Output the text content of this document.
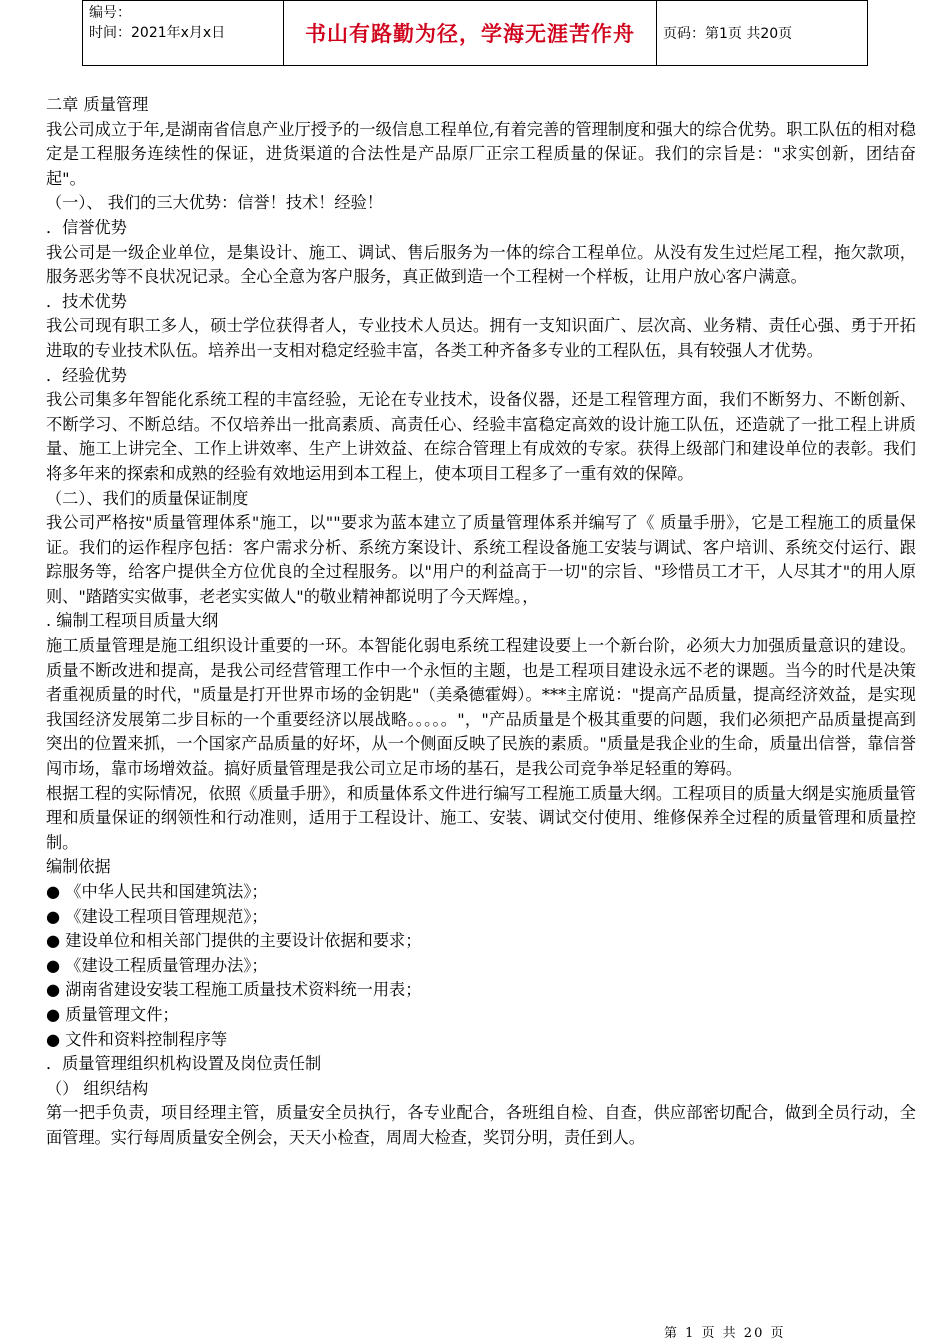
编号：
时间：2021年x月x日	书山有路勤为径，学海无涯苦作舟	页码：第1页 共20页

二章 质量管理

我公司成立于年,是湖南省信息产业厅授予的一级信息工程单位,有着完善的管理制度和强大的综合优势。职工队伍的相对稳定是工程服务连续性的保证，进货渠道的合法性是产品原厂正宗工程质量的保证。我们的宗旨是："求实创新，团结奋起"。

（一）、 我们的三大优势：信誉！技术！经验！

．信誉优势

我公司是一级企业单位，是集设计、施工、调试、售后服务为一体的综合工程单位。从没有发生过烂尾工程，拖欠款项，服务恶劣等不良状况记录。全心全意为客户服务，真正做到造一个工程树一个样板，让用户放心客户满意。

．技术优势

我公司现有职工多人，硕士学位获得者人，专业技术人员达。拥有一支知识面广、层次高、业务精、责任心强、勇于开拓进取的专业技术队伍。培养出一支相对稳定经验丰富，各类工种齐备多专业的工程队伍，具有较强人才优势。

．经验优势

我公司集多年智能化系统工程的丰富经验，无论在专业技术，设备仪器，还是工程管理方面，我们不断努力、不断创新、不断学习、不断总结。不仅培养出一批高素质、高责任心、经验丰富稳定高效的设计施工队伍，还造就了一批工程上讲质量、施工上讲完全、工作上讲效率、生产上讲效益、在综合管理上有成效的专家。获得上级部门和建设单位的表彰。我们将多年来的探索和成熟的经验有效地运用到本工程上，使本项目工程多了一重有效的保障。

（二）、我们的质量保证制度

我公司严格按"质量管理体系"施工，以""要求为蓝本建立了质量管理体系并编写了《 质量手册》，它是工程施工的质量保证。我们的运作程序包括：客户需求分析、系统方案设计、系统工程设备施工安装与调试、客户培训、系统交付运行、跟踪服务等，给客户提供全方位优良的全过程服务。以"用户的利益高于一切"的宗旨、"珍惜员工才干，人尽其才"的用人原则、"踏踏实实做事，老老实实做人"的敬业精神都说明了今天辉煌。，

. 编制工程项目质量大纲

施工质量管理是施工组织设计重要的一环。本智能化弱电系统工程建设要上一个新台阶，必须大力加强质量意识的建设。质量不断改进和提高，是我公司经营管理工作中一个永恒的主题，也是工程项目建设永远不老的课题。当今的时代是决策者重视质量的时代，"质量是打开世界市场的金钥匙"（美桑德霍姆）。***主席说："提高产品质量，提高经济效益，是实现我国经济发展第二步目标的一个重要经济以展战略。。。。。"，"产品质量是个极其重要的问题，我们必须把产品质量提高到突出的位置来抓，一个国家产品质量的好坏，从一个侧面反映了民族的素质。"质量是我企业的生命，质量出信誉，靠信誉闯市场，靠市场增效益。搞好质量管理是我公司立足市场的基石，是我公司竞争举足轻重的筹码。

根据工程的实际情况，依照《质量手册》，和质量体系文件进行编写工程施工质量大纲。工程项目的质量大纲是实施质量管理和质量保证的纲领性和行动准则，适用于工程设计、施工、安装、调试交付使用、维修保养全过程的质量管理和质量控制。

编制依据

● 《中华人民共和国建筑法》；

● 《建设工程项目管理规范》；

● 建设单位和相关部门提供的主要设计依据和要求；

● 《建设工程质量管理办法》；

● 湖南省建设安装工程施工质量技术资料统一用表；

● 质量管理文件；

● 文件和资料控制程序等

．质量管理组织机构设置及岗位责任制

（） 组织结构

第一把手负责，项目经理主管，质量安全员执行，各专业配合，各班组自检、自查，供应部密切配合，做到全员行动，全面管理。实行每周质量安全例会，天天小检查，周周大检查，奖罚分明，责任到人。

第 1 页 共 20 页
